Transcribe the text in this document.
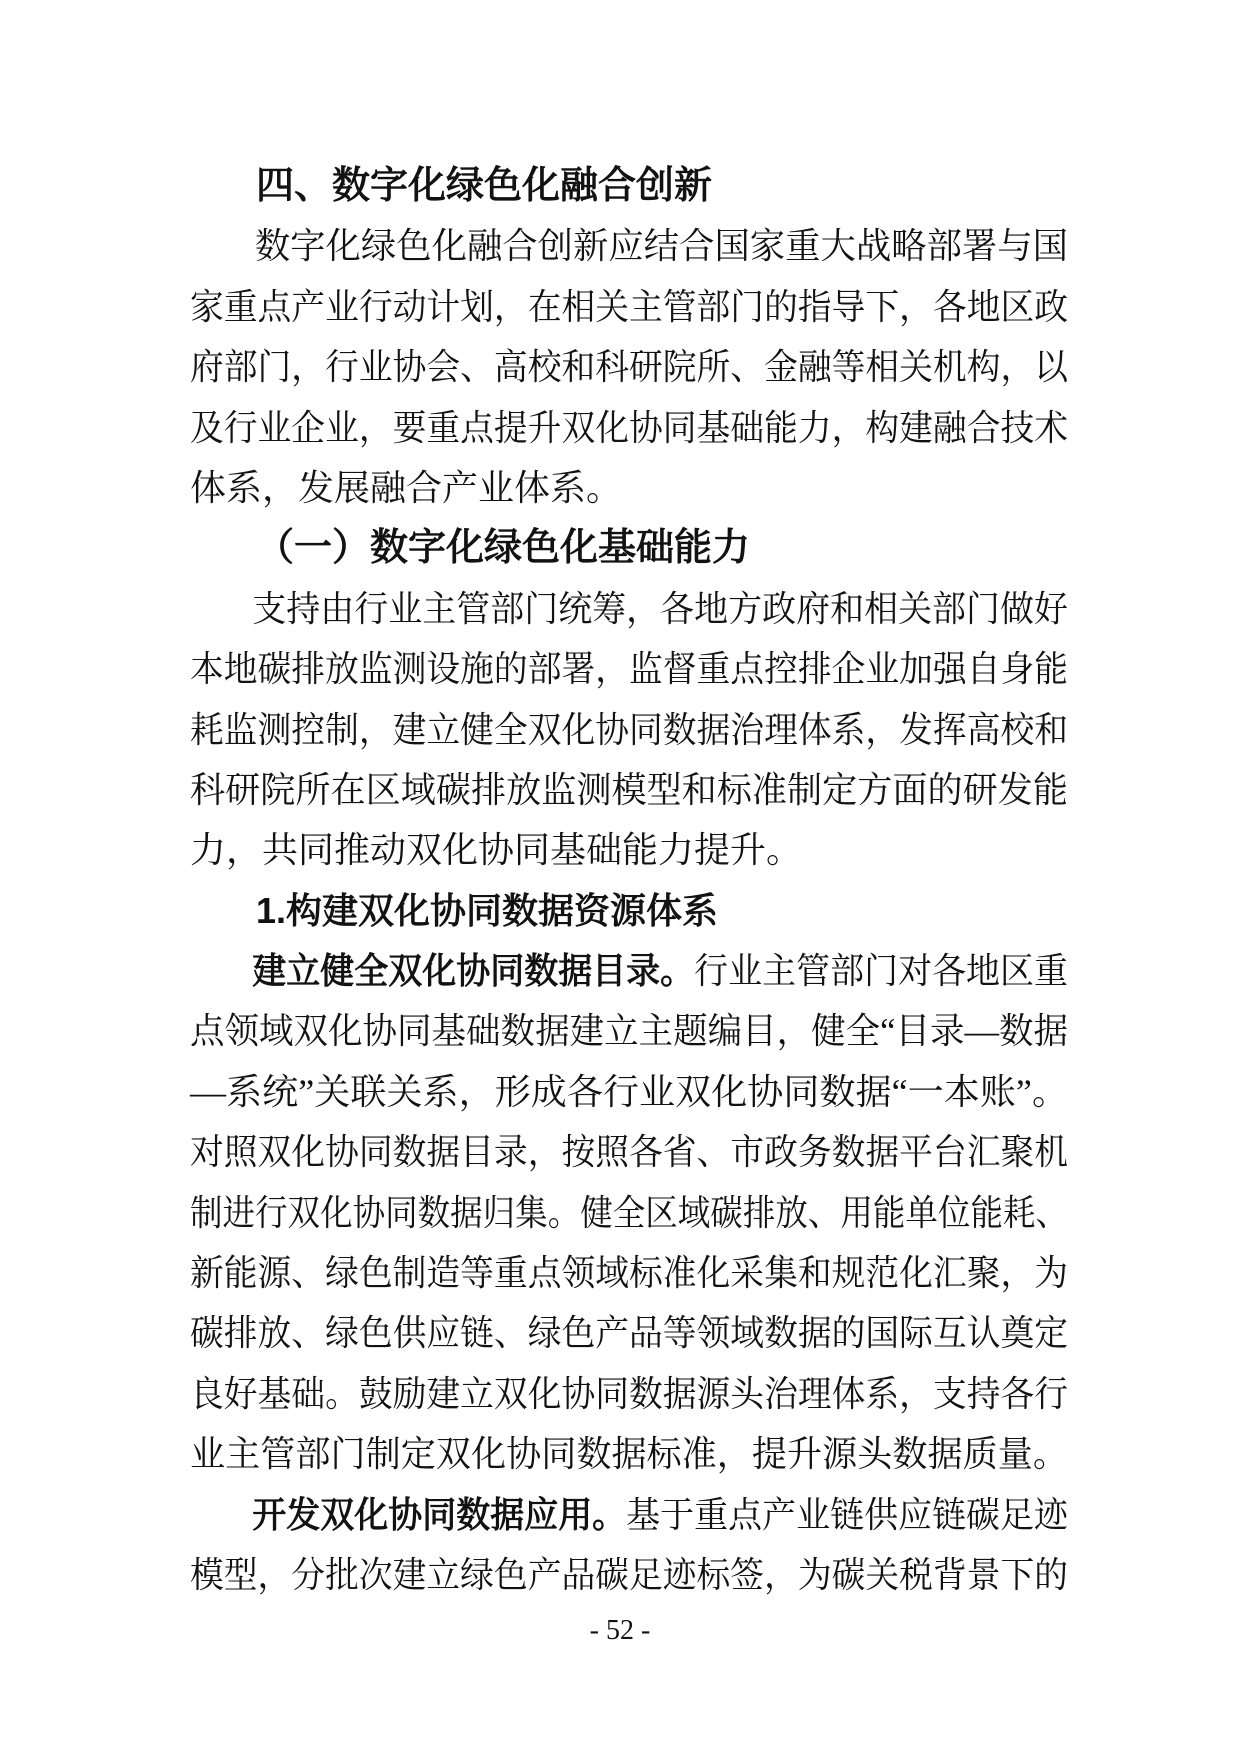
四、数字化绿色化融合创新
数字化绿色化融合创新应结合国家重大战略部署与国
家重点产业行动计划，在相关主管部门的指导下，各地区政
府部门，行业协会、高校和科研院所、金融等相关机构，以
及行业企业，要重点提升双化协同基础能力，构建融合技术
体系，发展融合产业体系。
（一）数字化绿色化基础能力
支持由行业主管部门统筹，各地方政府和相关部门做好
本地碳排放监测设施的部署，监督重点控排企业加强自身能
耗监测控制，建立健全双化协同数据治理体系，发挥高校和
科研院所在区域碳排放监测模型和标准制定方面的研发能
力，共同推动双化协同基础能力提升。
1.构建双化协同数据资源体系
建立健全双化协同数据目录。行业主管部门对各地区重
点领域双化协同基础数据建立主题编目，健全“目录—数据
—系统”关联关系，形成各行业双化协同数据“一本账”。
对照双化协同数据目录，按照各省、市政务数据平台汇聚机
制进行双化协同数据归集。健全区域碳排放、用能单位能耗、
新能源、绿色制造等重点领域标准化采集和规范化汇聚，为
碳排放、绿色供应链、绿色产品等领域数据的国际互认奠定
良好基础。鼓励建立双化协同数据源头治理体系，支持各行
业主管部门制定双化协同数据标准，提升源头数据质量。
开发双化协同数据应用。基于重点产业链供应链碳足迹
模型，分批次建立绿色产品碳足迹标签，为碳关税背景下的
- 52 -
